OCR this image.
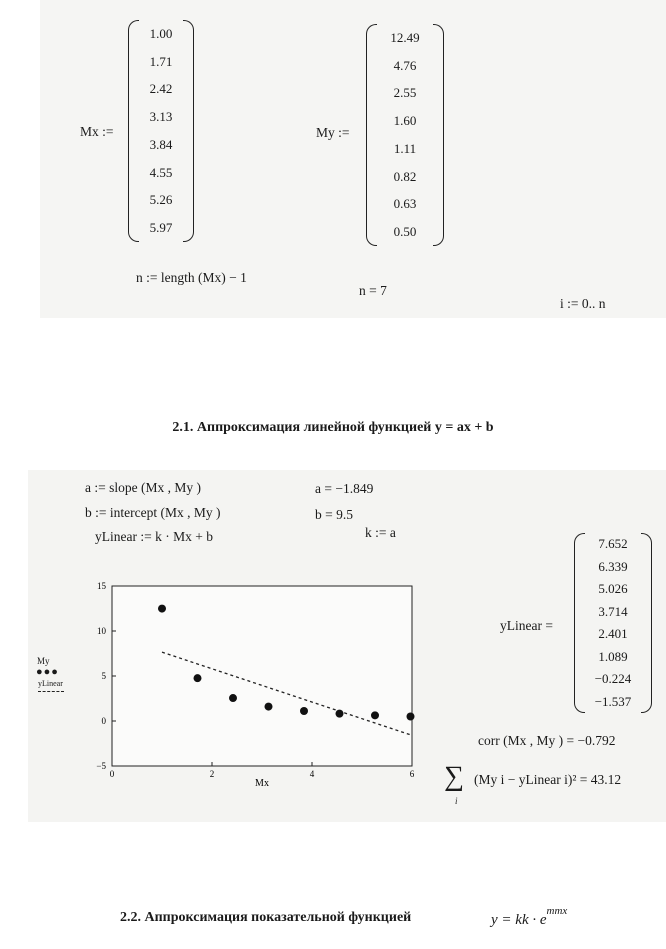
Mx :=
1.00
1.71
2.42
3.13
3.84
4.55
5.26
5.97
My :=
12.49
4.76
2.55
1.60
1.11
0.82
0.63
0.50
n := length (Mx) − 1
n = 7
i := 0.. n
2.1. Аппроксимация линейной функцией y = ax + b
a := slope (Mx , My )	a = −1.849
b := intercept (Mx , My )	b = 9.5
yLinear := k · Mx + b	k := a
15
10
5
0
−5
0	2	4	6
Mx
My
●●●
yLinear
yLinear =
7.652
6.339
5.026
3.714
2.401
1.089
−0.224
−1.537
corr (Mx , My ) = −0.792
∑
i
(My i − yLinear i)² = 43.12
2.2. Аппроксимация показательной функцией	y = kk · $e^{mmx}$
